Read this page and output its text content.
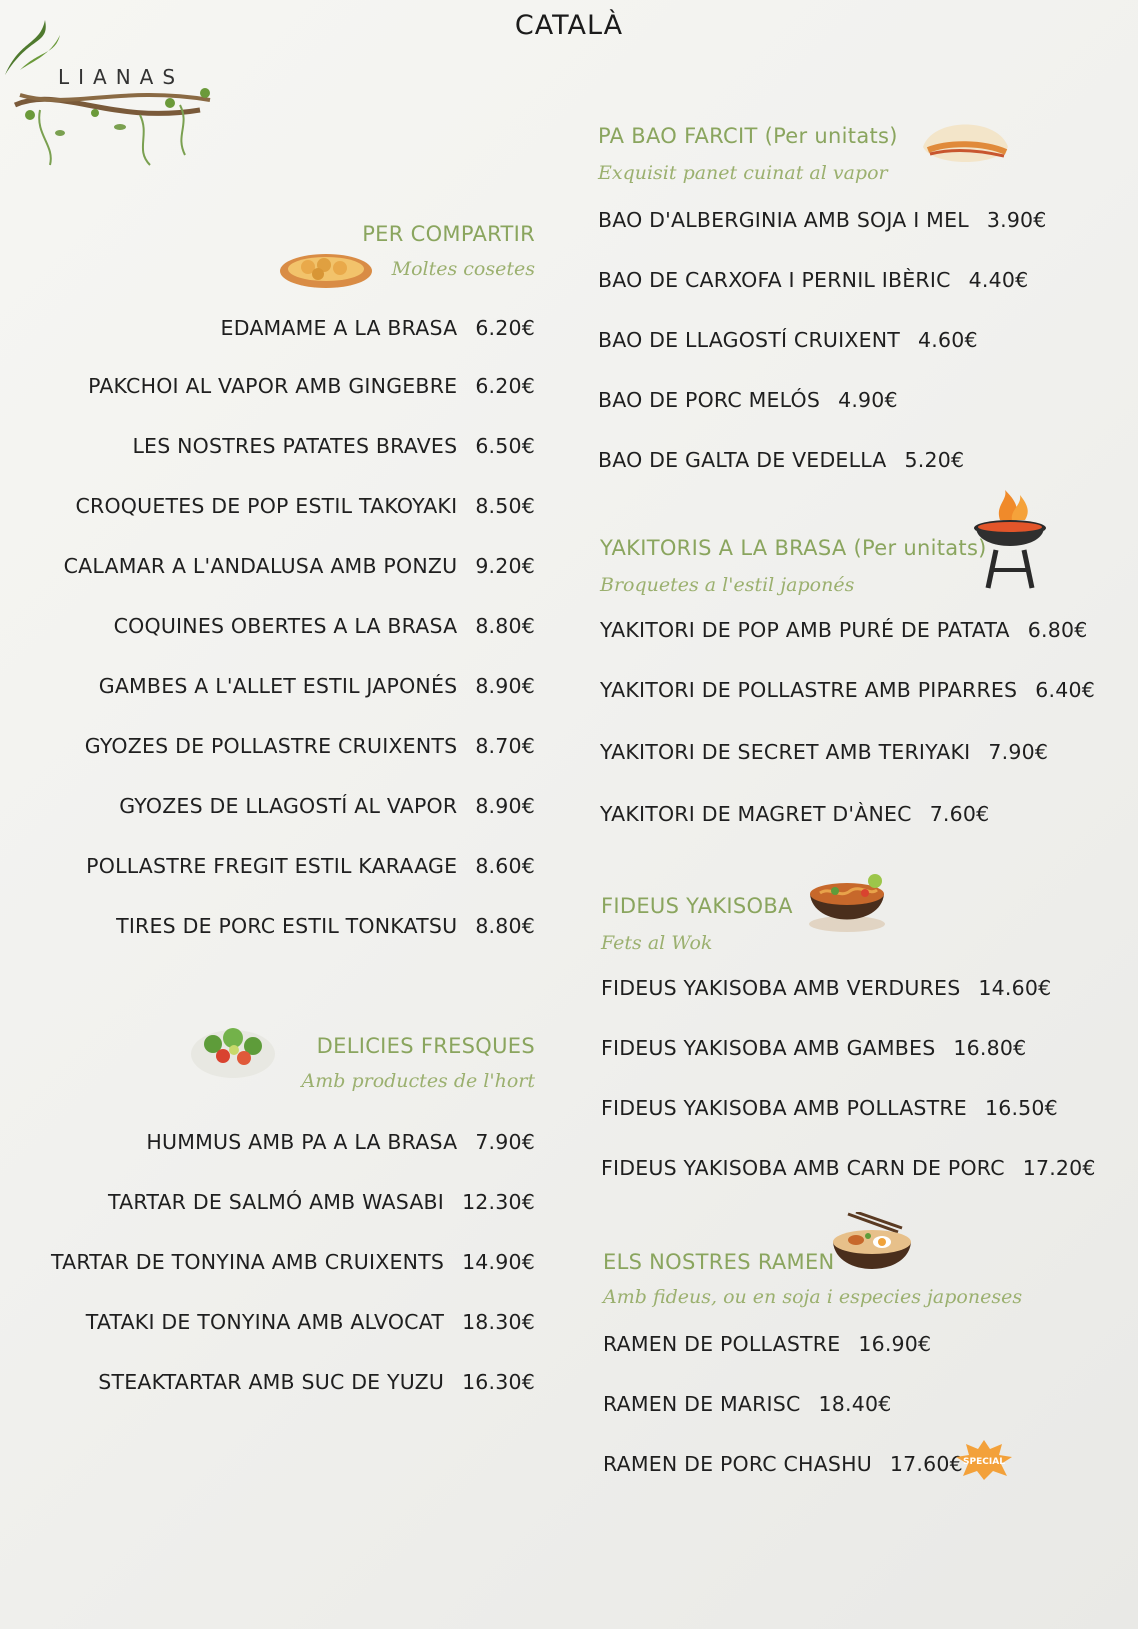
CATALÀ
LIANAS
PER COMPARTIR
Moltes cosetes
EDAMAME A LA BRASA 6.20€
PAKCHOI AL VAPOR AMB GINGEBRE 6.20€
LES NOSTRES PATATES BRAVES 6.50€
CROQUETES DE POP ESTIL TAKOYAKI 8.50€
CALAMAR A L'ANDALUSA AMB PONZU 9.20€
COQUINES OBERTES A LA BRASA 8.80€
GAMBES A L'ALLET ESTIL JAPONÉS 8.90€
GYOZES DE POLLASTRE CRUIXENTS 8.70€
GYOZES DE LLAGOSTÍ AL VAPOR 8.90€
POLLASTRE FREGIT ESTIL KARAAGE 8.60€
TIRES DE PORC ESTIL TONKATSU 8.80€
DELICIES FRESQUES
Amb productes de l'hort
HUMMUS AMB PA A LA BRASA 7.90€
TARTAR DE SALMÓ AMB WASABI 12.30€
TARTAR DE TONYINA AMB CRUIXENTS 14.90€
TATAKI DE TONYINA AMB ALVOCAT 18.30€
STEAKTARTAR AMB SUC DE YUZU 16.30€
PA BAO FARCIT (Per unitats)
Exquisit panet cuinat al vapor
BAO D'ALBERGINIA AMB SOJA I MEL 3.90€
BAO DE CARXOFA I PERNIL IBÈRIC 4.40€
BAO DE LLAGOSTÍ CRUIXENT 4.60€
BAO DE PORC MELÓS 4.90€
BAO DE GALTA DE VEDELLA 5.20€
YAKITORIS A LA BRASA (Per unitats)
Broquetes a l'estil japonés
YAKITORI DE POP AMB PURÉ DE PATATA 6.80€
YAKITORI DE POLLASTRE AMB PIPARRES 6.40€
YAKITORI DE SECRET AMB TERIYAKI 7.90€
YAKITORI DE MAGRET D'ÀNEC 7.60€
FIDEUS YAKISOBA
Fets al Wok
FIDEUS YAKISOBA AMB VERDURES 14.60€
FIDEUS YAKISOBA AMB GAMBES 16.80€
FIDEUS YAKISOBA AMB POLLASTRE 16.50€
FIDEUS YAKISOBA AMB CARN DE PORC 17.20€
ELS NOSTRES RAMEN
Amb fideus, ou en soja i especies japoneses
RAMEN DE POLLASTRE 16.90€
RAMEN DE MARISC 18.40€
RAMEN DE PORC CHASHU 17.60€ SPECIAL
